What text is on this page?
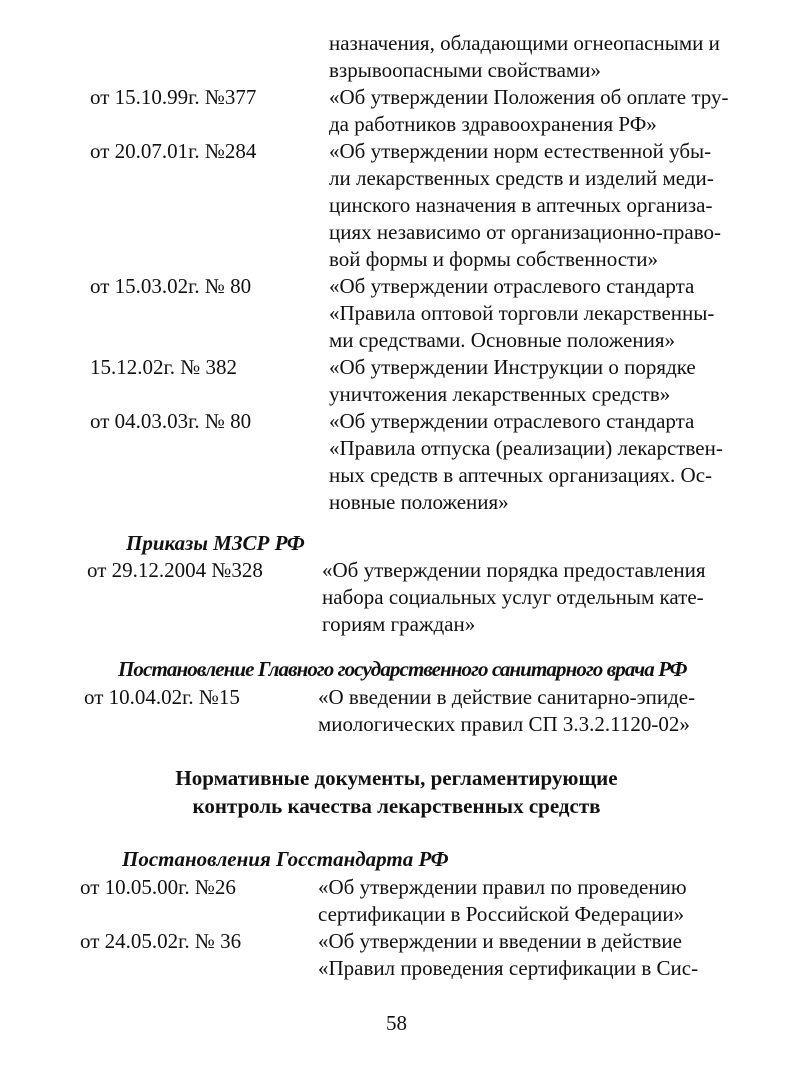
назначения, обладающими огнеопасными и
взрывоопасными свойствами»
от 15.10.99г. №377	«Об утверждении Положения об оплате тру-
да работников здравоохранения РФ»
от 20.07.01г. №284	«Об утверждении норм естественной убы-
ли лекарственных средств и изделий меди-
цинского назначения в аптечных организа-
циях независимо от организационно-право-
вой формы и формы собственности»
от 15.03.02г. № 80	«Об утверждении отраслевого стандарта
«Правила оптовой торговли лекарственны-
ми средствами. Основные положения»
15.12.02г. № 382	«Об утверждении Инструкции о порядке
уничтожения лекарственных средств»
от 04.03.03г. № 80	«Об утверждении отраслевого стандарта
«Правила отпуска (реализации) лекарствен-
ных средств в аптечных организациях. Ос-
новные положения»
Приказы МЗСР РФ
от 29.12.2004 №328	«Об утверждении порядка предоставления
набора социальных услуг отдельным кате-
гориям граждан»
Постановление Главного государственного санитарного врача РФ
от 10.04.02г. №15	«О введении в действие санитарно-эпиде-
миологических правил СП 3.3.2.1120-02»
Нормативные документы, регламентирующие
контроль качества лекарственных средств
Постановления Госстандарта РФ
от 10.05.00г. №26	«Об утверждении правил по проведению
сертификации в Российской Федерации»
от 24.05.02г. № 36	«Об утверждении и введении в действие
«Правил проведения сертификации в Сис-
58
